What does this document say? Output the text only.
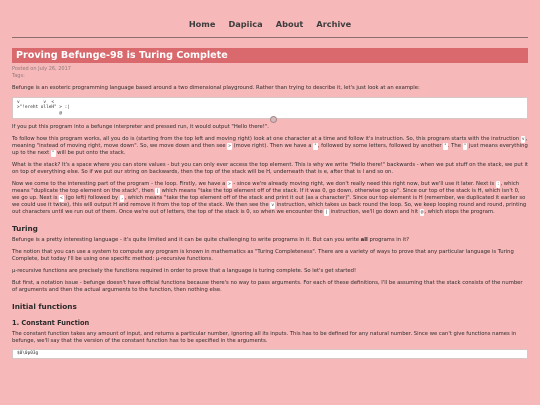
Home Dapiica About Archive
Proving Befunge-98 is Turing Complete
Posted on July 26, 2017
Tags:

Befunge is an esoteric programming language based around a two dimensional playground. Rather than trying to describe it, let's just look at an example:

v         v  <
>"!ereht olleH" > :|
@

If you put this program into a befunge interpreter and pressed run, it would output "Hello there!".

To follow how this program works, all you do is (starting from the top left and moving right) look at one character at a time and follow it's instruction. So, this program starts with the instruction v, meaning "instead of moving right, move down". So, we move down and then see > (move right). Then we have a ", followed by some letters, followed by another ". The " just means everything up to the next " will be put onto the stack.

What is the stack? It's a space where you can store values - but you can only ever access the top element. This is why we write "Hello there!" backwards - when we put stuff on the stack, we put it on top of everything else. So if we put our string on backwards, then the top of the stack will be H, underneath that is e, after that is l and so on.

Now we come to the interesting part of the program - the loop. Firstly, we have a > - since we're already moving right, we don't really need this right now, but we'll use it later. Next is :, which means "duplicate the top element on the stack", then | which means "take the top element off of the stack. If it was 0, go down, otherwise go up". Since our top of the stack is H, which isn't 0, we go up. Next is < (go left) followed by ,, which means "take the top element off of the stack and print it out (as a character)". Since our top element is H (remember, we duplicated it earlier so we could use it twice), this will output H and remove it from the top of the stack. We then see the v instruction, which takes us back round the loop. So, we keep looping round and round, printing out characters until we run out of them. Once we're out of letters, the top of the stack is 0, so when we encounter the | instruction, we'll go down and hit @, which stops the program.

Turing

Befunge is a pretty interesting language - it's quite limited and it can be quite challenging to write programs in it. But can you write all programs in it?

The notion that you can use a system to compute any program is known in mathematics as "Turing Completeness". There are a variety of ways to prove that any particular language is Turing Complete, but today I'll be using one specific method: μ-recursive functions.

μ-recursive functions are precisely the functions required in order to prove that a language is turing complete. So let's get started!

But first, a notation issue - befunge doesn't have official functions because there's no way to pass arguments. For each of these definitions, I'll be assuming that the stack consists of the number of arguments and then the actual arguments to the function, then nothing else.

Initial functions
1. Constant Function

The constant function takes any amount of input, and returns a particular number, ignoring all its inputs. This has to be defined for any natural number. Since we can't give functions names in befunge, we'll say that the version of the constant function has to be specified in the arguments.

$0\0p03g
